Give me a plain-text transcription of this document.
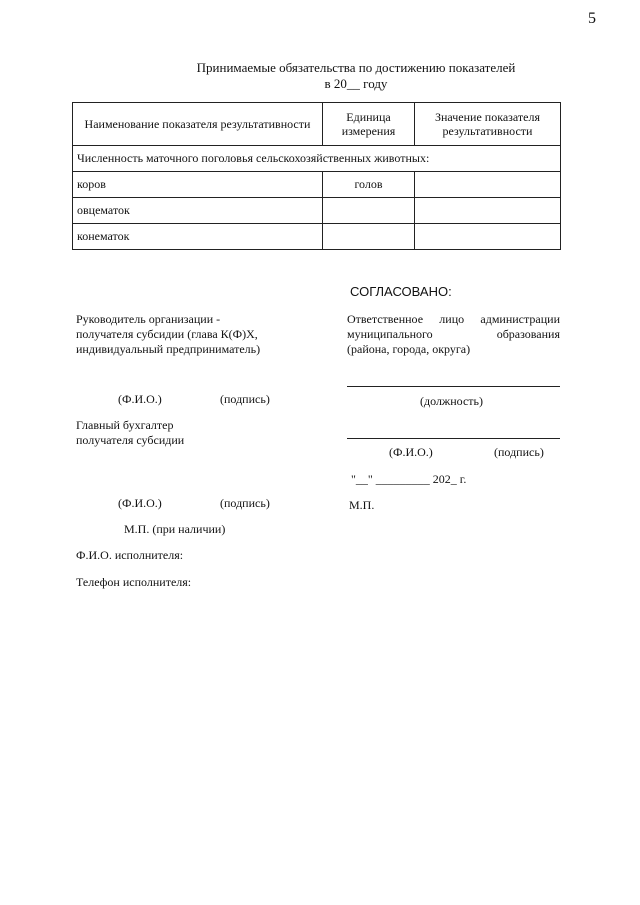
5
Принимаемые обязательства по достижению показателей
в 20__ году
Наименование показателя результативности	Единица измерения	Значение показателя результативности
Численность маточного поголовья сельскохозяйственных животных:		
коров	голов	
овцематок		
конематок		
СОГЛАСОВАНО:
Ответственное лицо администрации
муниципального образования
(района, города, округа)
(должность)
(Ф.И.О.)	(подпись)
"__" _________ 202_ г.
М.П.
Руководитель организации -
получателя субсидии (глава К(Ф)Х,
индивидуальный предприниматель)
(Ф.И.О.)	(подпись)
Главный бухгалтер
получателя субсидии
(Ф.И.О.)	(подпись)
М.П. (при наличии)
Ф.И.О. исполнителя:
Телефон исполнителя:
